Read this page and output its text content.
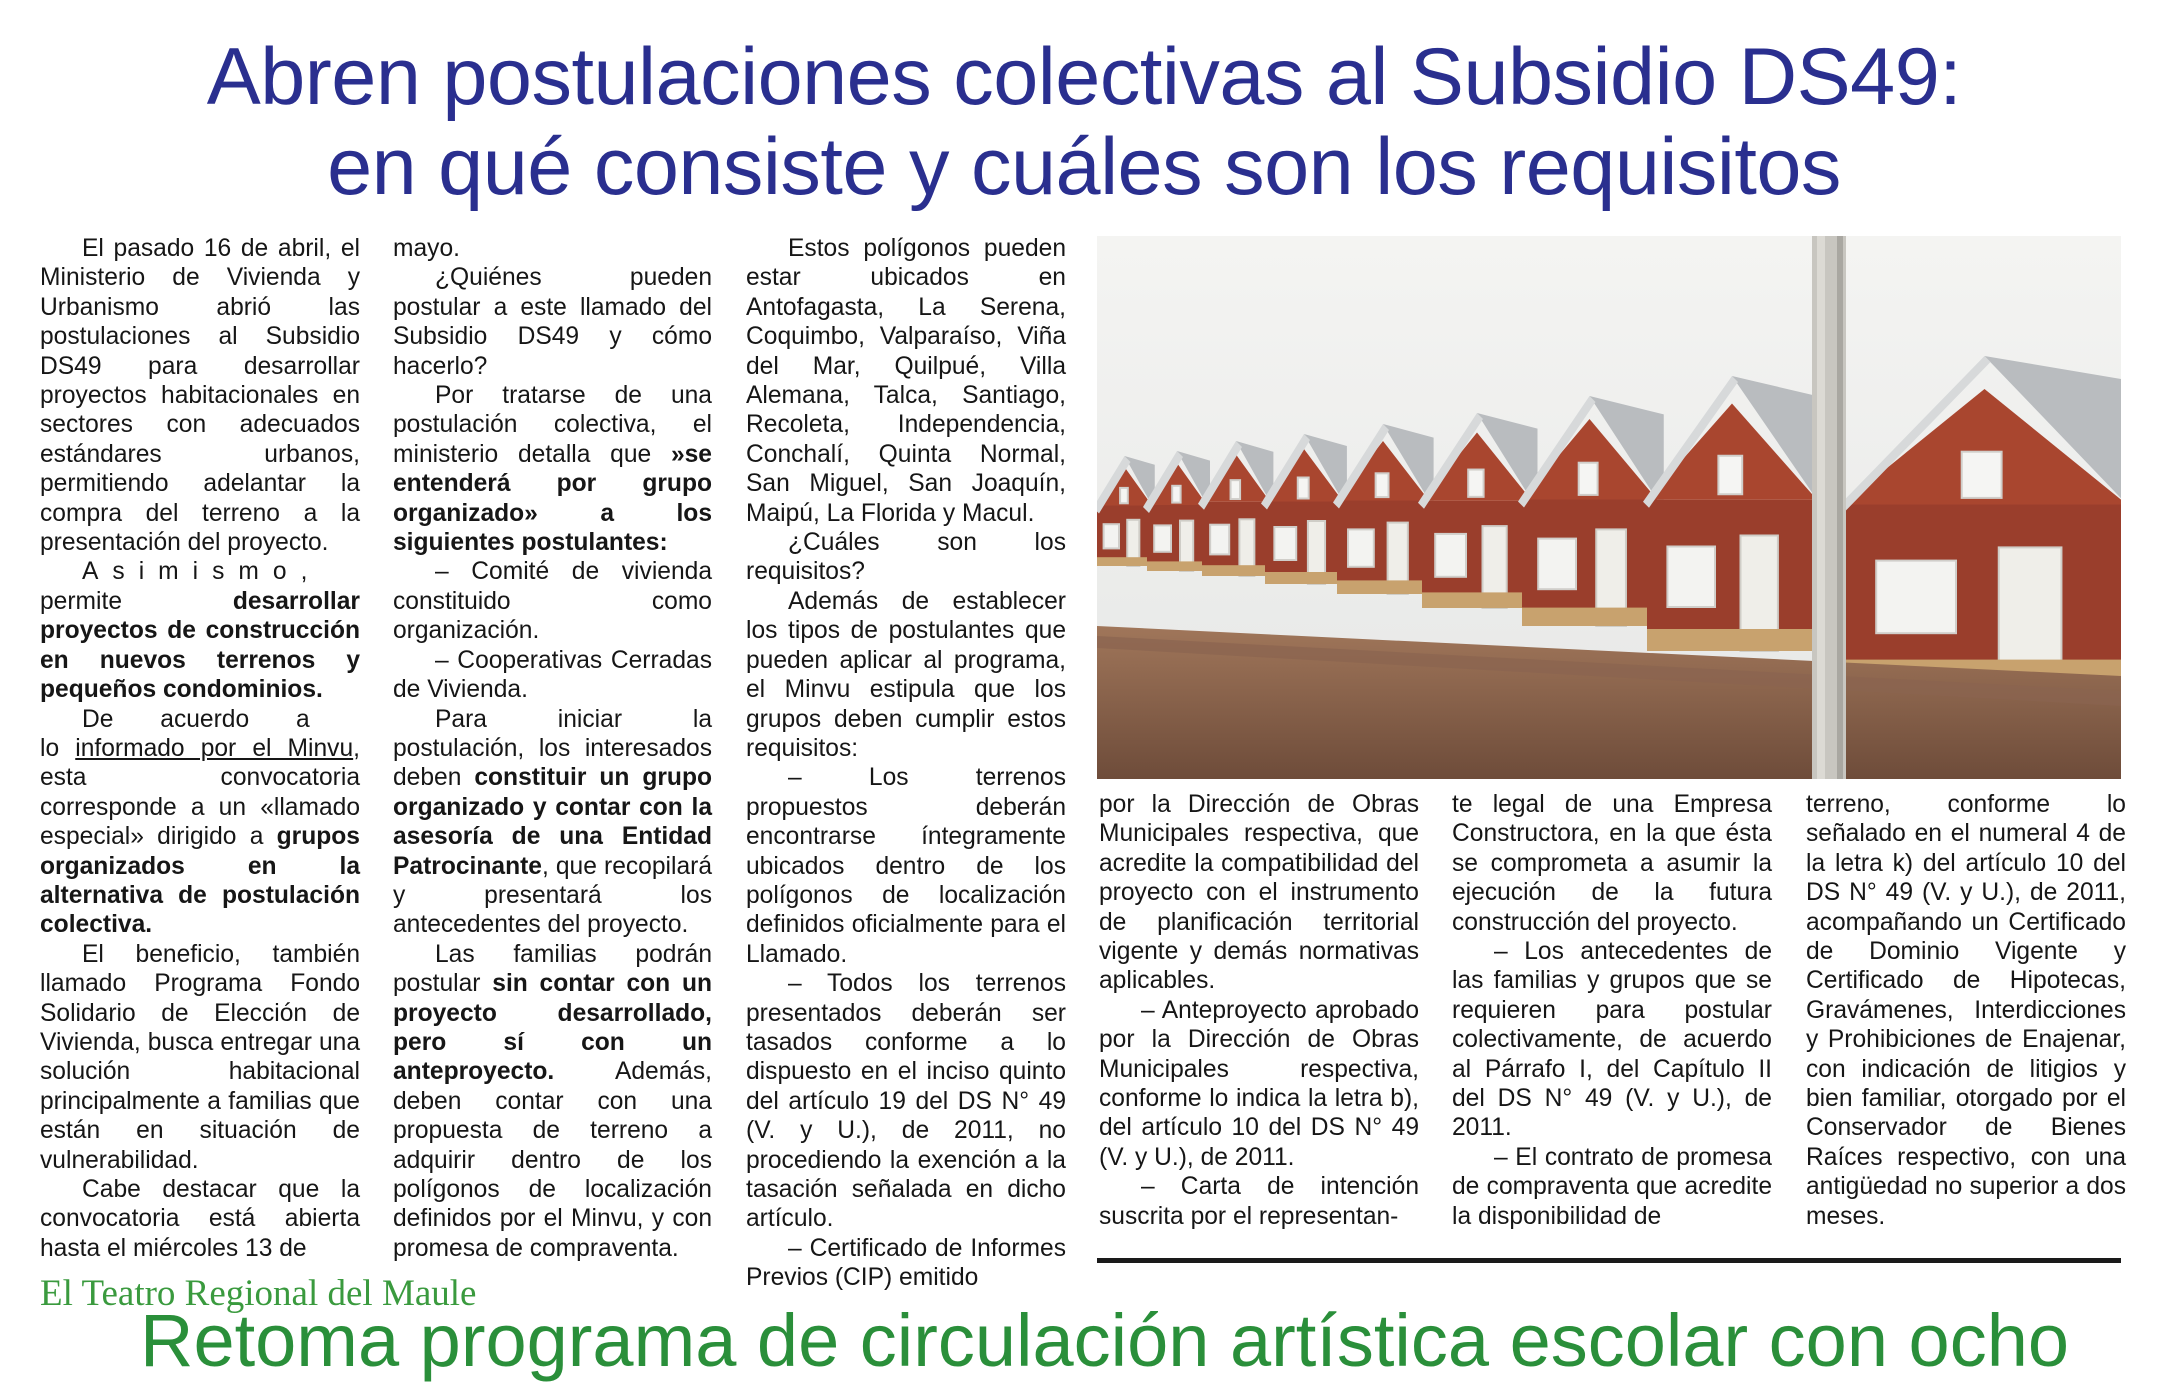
Abren postulaciones colectivas al Subsidio DS49:
en qué consiste y cuáles son los requisitos

El pasado 16 de abril, el Ministerio de Vivienda y Urbanismo abrió las postulaciones al Subsidio DS49 para desarrollar proyectos habitacionales en sectores con adecuados estándares urbanos, permitiendo adelantar la compra del terreno a la presentación del proyecto.

Asimismo, permite	desarrollar proyectos de construcción en nuevos terrenos y pequeños condominios.

De acuerdo a
lo informado por el Minvu, esta convocatoria corresponde a un «llamado especial» dirigido a grupos organizados en la alternativa de postulación colectiva.

El beneficio, también llamado Programa Fondo Solidario de Elección de Vivienda, busca entregar una solución habitacional principalmente a familias que están en situación de vulnerabilidad.

Cabe destacar que la convocatoria está abierta hasta el miércoles 13 de

mayo.

¿Quiénes pueden postular a este llamado del Subsidio DS49 y cómo hacerlo?

Por tratarse de una postulación colectiva, el ministerio detalla que »se entenderá por grupo organizado» a los siguientes postulantes:

– Comité de vivienda constituido como organización.

– Cooperativas Cerradas de Vivienda.

Para iniciar la postulación, los interesados deben constituir un grupo organizado y contar con la asesoría de una Entidad Patrocinante, que recopilará y presentará los antecedentes del proyecto.

Las familias podrán postular sin contar con un proyecto desarrollado, pero sí con un anteproyecto. Además, deben contar con una propuesta de terreno a adquirir dentro de los polígonos de localización definidos por el Minvu, y con promesa de compraventa.

Estos polígonos pueden estar ubicados en Antofagasta, La Serena, Coquimbo, Valparaíso, Viña del Mar, Quilpué, Villa Alemana, Talca, Santiago, Recoleta, Independencia, Conchalí, Quinta Normal, San Miguel, San Joaquín, Maipú, La Florida y Macul.

¿Cuáles son los requisitos?

Además de establecer los tipos de postulantes que pueden aplicar al programa, el Minvu estipula que los grupos deben cumplir estos requisitos:

– Los terrenos propuestos deberán encontrarse íntegramente ubicados dentro de los polígonos de localización definidos oficialmente para el Llamado.

– Todos los terrenos presentados deberán ser tasados conforme a lo dispuesto en el inciso quinto del artículo 19 del DS N° 49 (V. y U.), de 2011, no procediendo la exención a la tasación señalada en dicho artículo.

– Certificado de Informes Previos (CIP) emitido

por la Dirección de Obras Municipales respectiva, que acredite la compatibilidad del proyecto con el instrumento de planificación territorial vigente y demás normativas aplicables.

– Anteproyecto aprobado por la Dirección de Obras Municipales respectiva, conforme lo indica la letra b), del artículo 10 del DS N° 49 (V. y U.), de 2011.

– Carta de intención suscrita por el representan-

te legal de una Empresa Constructora, en la que ésta se comprometa a asumir la ejecución de la futura construcción del proyecto.

– Los antecedentes de las familias y grupos que se requieren para postular colectivamente, de acuerdo al Párrafo I, del Capítulo II del DS N° 49 (V. y U.), de 2011.

– El contrato de promesa de compraventa que acredite la disponibilidad de

terreno, conforme lo señalado en el numeral 4 de la letra k) del artículo 10 del DS N° 49 (V. y U.), de 2011, acompañando un Certificado de Dominio Vigente y Certificado de Hipotecas, Gravámenes, Interdicciones y Prohibiciones de Enajenar, con indicación de litigios y bien familiar, otorgado por el Conservador de Bienes Raíces respectivo, con una antigüedad no superior a dos meses.

El Teatro Regional del Maule

Retoma programa de circulación artística escolar con ocho
